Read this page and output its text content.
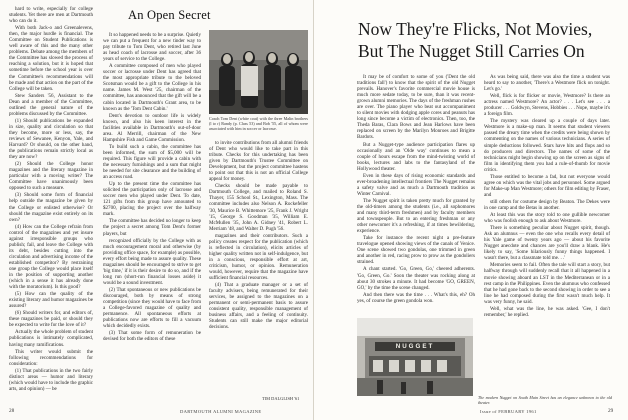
An Open Secret

hard to write, especially for college students. Yet there are men at Dartmouth who can do it.

With both Jack-o and Greenalevens, then, the major hurdle is financial. The Committee on Student Publications is well aware of this and the many other problems. Debate among the members of the Committee has slowed the process of reaching a solution, but it is hoped that sometime before the school year is over the Committee's recommendations will be made and that action on the part of the College will be taken.

Stew Sanders '56, Assistant to the Dean and a member of the Committee, outlined the general nature of the problems discussed by the Committee.

(1) Should publications be expanded in size, quality and circulation so that they become, more or less, say, the reviews of Sewanee, Kenyon, Yale, and Harvard? Or should, on the other hand, the publications remain strictly local as they are now?

(2) Should the College honor magazines and the literary magazine in particular with a moving writer? The Committee have unanimously been opposed to such a measure.

(3) Should some form of financial help outside the magazine be given by the College or enlisted otherwise? Or should the magazine exist entirely on its own?

(4) How can the College refrain from control of the magazines and yet insure against irresponsible groups who publish; fail, and leave the College with its debt, besides cutting into the circulation and advertising income of the established competitor? By restraining one group the College would place itself in the position of supporting another (which in a sense it has already done with the moratorium). Is this good?

(5) How can the quality of the existing literary and humor magazines be assured?

(6) Should writers for, and editors of, these magazines be paid, or should they be expected to write for the love of it?

Actually the whole problem of student publications is intimately complicated, having many ramifications.

This writer would submit the following recommendations for consideration:

(1) That publications in the two fairly distinct areas — humor and literary (which would have to include the graphic arts, and opinion) — be

It so happened needs to be a surprise. Quietly we can put a frequent for a new tinder way to pay tribute to Tom Dent, who retired last June as head coach of lacrosse and soccer, after 36 years of service to the College.

A committee composed of men who played soccer or lacrosse under Dent has agreed that the most appropriate tribute to the beloved Scotsman would be a gift to the College in his name. James M. West '25, chairman of the committee, has announced that the gift will be a cabin located in Dartmouth's Grant area, to be known as the 'Tom Dent Cabin.'

Dent's devotion to outdoor life is widely known, and also his keen interest in the facilities available in Dartmouth's out-of-door area. Al Merrill, chairman of the New Hampshire Fish and Game Commission.

To build such a cabin, the committee has been informed, the sum of $5,000 will be required. This figure will provide a cabin with the necessary furnishings and a sum that might be needed for site clearance and the building of an access road.

Up to the present time the committee has solicited the participation only of lacrosse and soccer men who played under Dent. To date, 121 gifts from this group have amounted to $2700, placing the project over the halfway mark.

The committee has decided no longer to keep the project a secret among Tom Dent's former players, but

recognized officially by the College with as much encouragement moral and otherwise (by providing office space, for example) as possible, every effort being made to assure quality. These magazines should be encouraged to strive to get 'big time,' if it is their desire to do so, and if the long run (short-run financial losses aside) it would be a sound investment.

(2) That spontaneous or new publications be discouraged, both by means of strong competition (since they would have to face from a College-favored magazine of quality and permanence. All spontaneous efforts at publications now are efforts to fill a vacuum which decidedly exists.

(3) That some form of remuneration be devised for both the editors of these

Coach Tom Dent (white coat) with the three Malin brothers (l to r) Randy (p. Class 53) and Bob '55, all of whom were associated with him in soccer or lacrosse.

to invite contributions from all alumni friends of Dent who would like to take part in this tribute. Checks for this undertaking has been given by Dartmouth's Trustee Committee on Development, but the project committee hastens to point out that this is not an official College appeal for money.

Checks should be made payable to Dartmouth College, and mailed to Roland S. Thayer, 155 School St., Lexington, Mass. The committee includes also Nelson A. Rockefeller '30, Maurice B. Whittemore '25, Frank J. Wright '15, George S. Goodman '35, William E. McMullen '35, John A. Gidney '41, Robert L. Merriam '48, and Walter D. Pugh '56.

magazines and their contributors. Such a policy creates respect for the publication (which is reflected in circulation), elicits articles of higher quality written not in self-indulgence, but in a conscious, responsible effort at art, criticism, humor, or opinion. Remuneration would, however, require that the magazine have sufficient financial resources.

(4) That a graduate manager or a set of faculty advisers, being remunerated for their services, be assigned to the magazines on a permanent or semi-permanent basis to assure consistent quality, responsible management of business affairs, and a feeling of continuity. Students can still make the major editorial decisions.

TIM DALGLISH '61
28	DARTMOUTH ALUMNI MAGAZINE
Now They're Flicks, Not Movies, But The Nugget Still Carries On

It may be of comfort to some of you ('Dent the old traditions fall') to know that the spirit of the old Nugget prevails. Hanover's favorite commercial movie house is much more sedate today, to be sure, than it was recent-grown alumni memories. The days of the freshman rushes are over. The piano player who beat out accompaniment to silent movies with dodging apple cores and peanuts has long since become a victim of electronics. Then, too, the Theda Baras, Clara Bows and Jean Harlows have been replaced on screen by the Marilyn Monroes and Brigitte Bardots.

But a Nugget-type audience participation flares up occasionally and an 'Olde way' continues to mean a couple of hours escape from the mind-twisting world of books, lectures and labs to the fantasyland of the Hollywood theater.

Even in these days of rising economic standards and ever-broadening intellectual frontiers The Nugget remains a safety valve and as much a Dartmouth tradition as Winter Carnival.

The Nugget spirit is taken pretty much for granted by the old-timers among the students (i.e., all sophomores and many third-term freshmen) and by faculty members and townspeople. But to an entering freshman or any other newcomer it's a refreshing, if at times bewildering, experience.

Take for instance the recent night a pre-feature travelogue opened showing views of the canals of Venice. One scene showed two gondolas, one trimmed in green and another in red, racing prow to prow as the gondoliers strained.

A chant started. 'Go, Green, Go,' cheered adherents. 'Go, Green, Go.' Soon the theater was rocking along at about 30 strokes a minute. It had become 'GO, GREEN, GO,' by the time the scene changed.

And then there was the time . . . What's this, eh? Oh yes, of course the green gondola won.

As was being said, there was also the time a student was heard to say to another, 'There's a Westmore flick on tonight. Let's go.'

Well, flick is for flicker or movie, Westmore? Is there an actress named Westmore? An actor? . . . Let's see . . . a producer . . . Goldwyn, Stevens, Hobbies . . . Nope, maybe it's a foreign film.

The mystery was cleared up a couple of days later. Westmore is a make-up man. It seems that student viewers passed the dreary time when the credits were being shown by commenting on the names of various technicians. A series of simple deductions followed. Stars have hits and flops and so do producers and directors. The names of some of the technicians might begin showing up on the screen as signs of film in identifying them you had a rule-of-thumb for movie critics.

Those entitled to become a fad, but not everyone would agree on which was the vital jobs and personnel. Some argued for Make-up Man Westmore; others for film editing by Fraser, and

still others for costume design by Beaton. The Dekes were in one camp and the Betas in another.

At least this was the story told to one gullible newcomer who was foolish enough to ask about Westmore.

There is something peculiar about Nugget spirit, though. Ask an alumnus — even the one who recalls every detail of his Yale game of twenty years ago — about his favorite Nugget anecdote and chances are you'll draw a blank. He's likely to say, 'Some hilariously funny things happened. I wasn't there, but a classmate told me. . .'

Memories seem to fail. Often the tale will start a story, but halfway through will suddenly recall that it all happened in a movie showing aboard an LST in the Mediterranean or in a rest camp in the Philippines. Even the alumnus who confessed that he had gone back to the second showing in order to see a line he had composed during the first wasn't much help. It was very funny, he said.

Well, what was the line, he was asked. 'Gee, I don't remember,' he replied.

NUGGET
The modern Nugget on South Main Street has an elegance unknown to the old theater.
Issue of FEBRUARY 1961	29
